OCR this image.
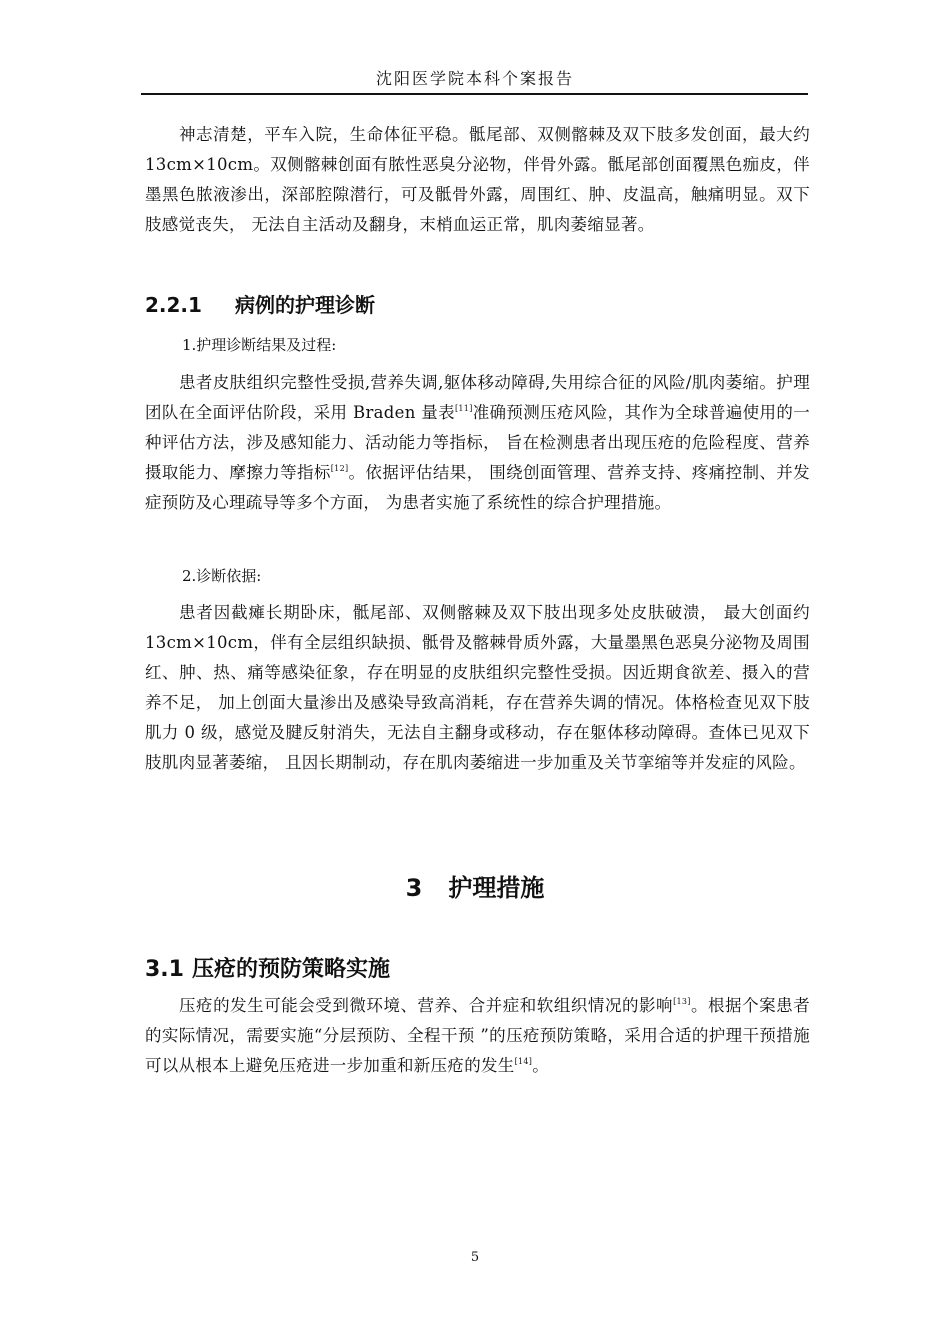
沈阳医学院本科个案报告

神志清楚，平车入院，生命体征平稳。骶尾部、双侧髂棘及双下肢多发创面，最大约 13cm×10cm。双侧髂棘创面有脓性恶臭分泌物，伴骨外露。骶尾部创面覆黑色痂皮，伴墨黑色脓液渗出，深部腔隙潜行，可及骶骨外露，周围红、肿、皮温高，触痛明显。双下肢感觉丧失， 无法自主活动及翻身，末梢血运正常，肌肉萎缩显著。

2.2.1 病例的护理诊断

1.护理诊断结果及过程:

患者皮肤组织完整性受损,营养失调,躯体移动障碍,失用综合征的风险/肌肉萎缩。护理团队在全面评估阶段，采用 Braden 量表[11]准确预测压疮风险，其作为全球普遍使用的一种评估方法，涉及感知能力、活动能力等指标， 旨在检测患者出现压疮的危险程度、营养摄取能力、摩擦力等指标[12]。依据评估结果， 围绕创面管理、营养支持、疼痛控制、并发症预防及心理疏导等多个方面， 为患者实施了系统性的综合护理措施。

2.诊断依据:

患者因截瘫长期卧床，骶尾部、双侧髂棘及双下肢出现多处皮肤破溃， 最大创面约 13cm×10cm，伴有全层组织缺损、骶骨及髂棘骨质外露，大量墨黑色恶臭分泌物及周围红、肿、热、痛等感染征象，存在明显的皮肤组织完整性受损。因近期食欲差、摄入的营养不足， 加上创面大量渗出及感染导致高消耗，存在营养失调的情况。体格检查见双下肢肌力 0 级，感觉及腱反射消失，无法自主翻身或移动，存在躯体移动障碍。查体已见双下肢肌肉显著萎缩， 且因长期制动，存在肌肉萎缩进一步加重及关节挛缩等并发症的风险。

3 护理措施
3.1 压疮的预防策略实施

压疮的发生可能会受到微环境、营养、合并症和软组织情况的影响[13]。根据个案患者的实际情况，需要实施“分层预防、全程干预 ”的压疮预防策略，采用合适的护理干预措施可以从根本上避免压疮进一步加重和新压疮的发生[14]。

5
